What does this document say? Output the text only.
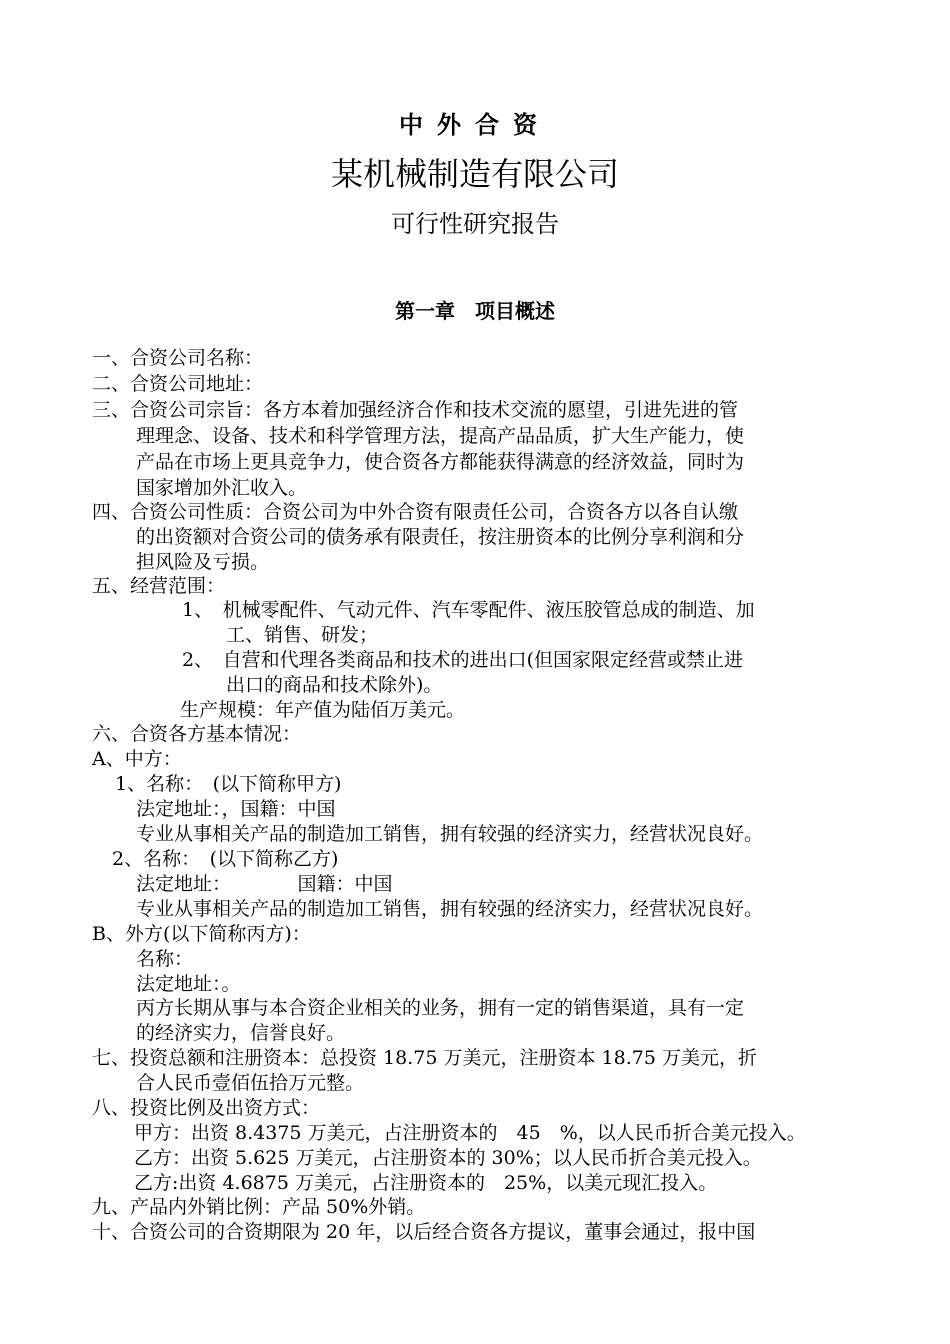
中外合资
某机械制造有限公司
可行性研究报告
第一章　项目概述
一、合资公司名称：
二、合资公司地址：
三、合资公司宗旨：各方本着加强经济合作和技术交流的愿望，引进先进的管
理理念、设备、技术和科学管理方法，提高产品品质，扩大生产能力，使
产品在市场上更具竞争力，使合资各方都能获得满意的经济效益，同时为
国家增加外汇收入。
四、合资公司性质：合资公司为中外合资有限责任公司，合资各方以各自认缴
的出资额对合资公司的债务承有限责任，按注册资本的比例分享利润和分
担风险及亏损。
五、经营范围：
1、　机械零配件、气动元件、汽车零配件、液压胶管总成的制造、加
工、销售、研发；
2、　自营和代理各类商品和技术的进出口(但国家限定经营或禁止进
出口的商品和技术除外)。
生产规模：年产值为陆佰万美元。
六、合资各方基本情况：
A、中方：
1、名称：　(以下简称甲方)
法定地址：，国籍：中国
专业从事相关产品的制造加工销售，拥有较强的经济实力，经营状况良好。
2、名称：　(以下简称乙方)
法定地址：　　　　国籍：中国
专业从事相关产品的制造加工销售，拥有较强的经济实力，经营状况良好。
B、外方(以下简称丙方)：
名称：
法定地址：。
丙方长期从事与本合资企业相关的业务，拥有一定的销售渠道，具有一定
的经济实力，信誉良好。
七、投资总额和注册资本：总投资 18.75 万美元，注册资本 18.75 万美元，折
合人民币壹佰伍拾万元整。
八、投资比例及出资方式：
甲方：出资 8.4375 万美元，占注册资本的　45　%，以人民币折合美元投入。
乙方：出资 5.625 万美元，占注册资本的 30%；以人民币折合美元投入。
乙方:出资 4.6875 万美元，占注册资本的　25%，以美元现汇投入。
九、产品内外销比例：产品 50%外销。
十、合资公司的合资期限为 20 年，以后经合资各方提议，董事会通过，报中国
